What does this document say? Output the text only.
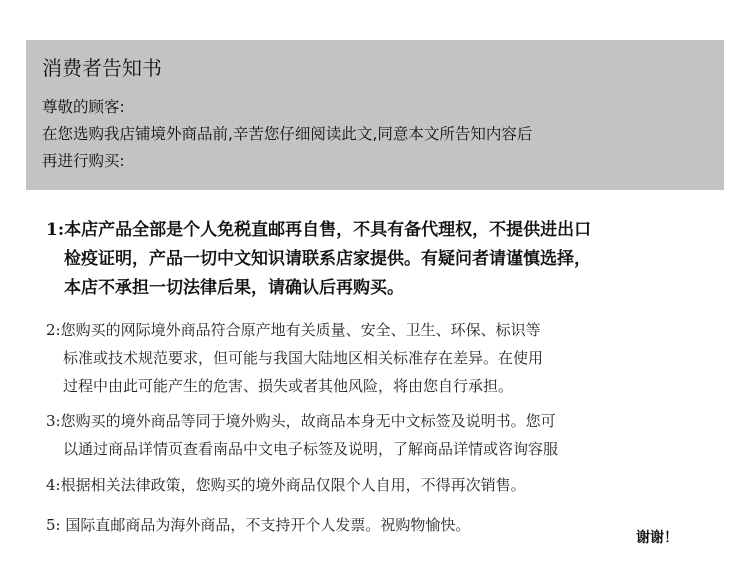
消费者告知书
尊敬的顾客:
在您选购我店铺境外商品前,辛苦您仔细阅读此文,同意本文所告知内容后
再进行购买:
1:本店产品全部是个人免税直邮再自售，不具有备代理权，不提供进出口
检疫证明，产品一切中文知识请联系店家提供。有疑问者请谨慎选择，
本店不承担一切法律后果，请确认后再购买。
2:您购买的网际境外商品符合原产地有关质量、安全、卫生、环保、标识等
标准或技术规范要求，但可能与我国大陆地区相关标准存在差异。在使用
过程中由此可能产生的危害、损失或者其他风险，将由您自行承担。
3:您购买的境外商品等同于境外购头，故商品本身无中文标签及说明书。您可
以通过商品详情页查看南品中文电子标签及说明，了解商品详情或咨询容服
4:根据相关法律政策，您购买的境外商品仅限个人自用，不得再次销售。
5: 国际直邮商品为海外商品，不支持开个人发票。祝购物愉快。
谢谢！
